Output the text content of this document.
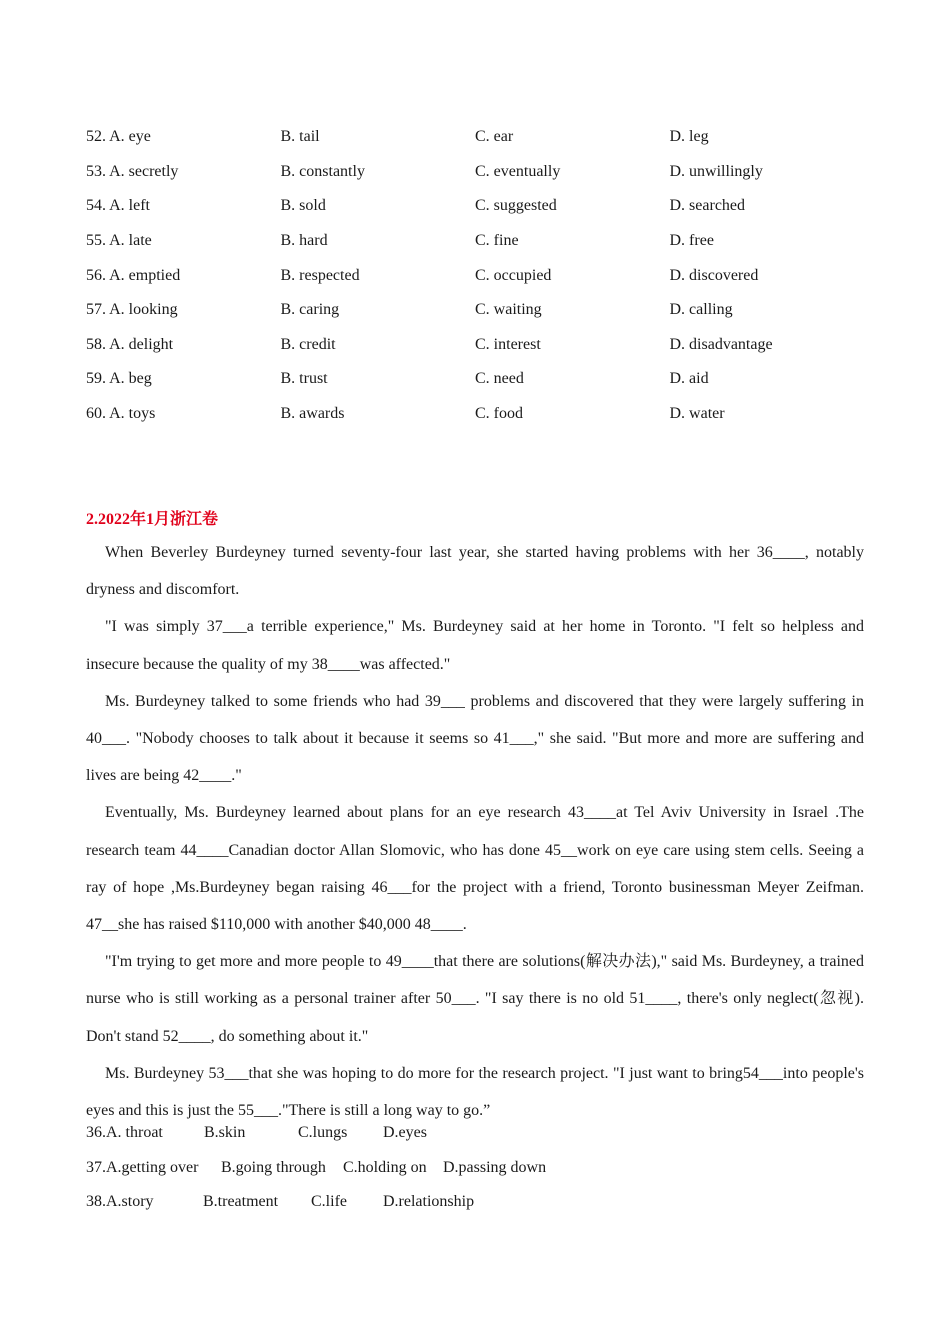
52. A. eye	B. tail	C. ear	D. leg
53. A. secretly	B. constantly	C. eventually	D. unwillingly
54. A. left	B. sold	C. suggested	D. searched
55. A. late	B. hard	C. fine	D. free
56. A. emptied	B. respected	C. occupied	D. discovered
57. A. looking	B. caring	C. waiting	D. calling
58. A. delight	B. credit	C. interest	D. disadvantage
59. A. beg	B. trust	C. need	D. aid
60. A. toys	B. awards	C. food	D. water
2.2022年1月浙江卷

When Beverley Burdeyney turned seventy-four last year, she started having problems with her 36____, notably dryness and discomfort.

"I was simply 37___a terrible experience," Ms. Burdeyney said at her home in Toronto. "I felt so helpless and insecure because the quality of my 38____was affected."

Ms. Burdeyney talked to some friends who had 39___ problems and discovered that they were largely suffering in 40___. "Nobody chooses to talk about it because it seems so 41___," she said. "But more and more are suffering and lives are being 42____."

Eventually, Ms. Burdeyney learned about plans for an eye research 43____at Tel Aviv University in Israel .The research team 44____Canadian doctor Allan Slomovic, who has done 45__work on eye care using stem cells. Seeing a ray of hope ,Ms.Burdeyney began raising 46___for the project with a friend, Toronto businessman Meyer Zeifman. 47__she has raised $110,000 with another $40,000 48____.

"I'm trying to get more and more people to 49____that there are solutions(解决办法)," said Ms. Burdeyney, a trained nurse who is still working as a personal trainer after 50___. "I say there is no old 51____, there's only neglect(忽视). Don't stand 52____, do something about it."

Ms. Burdeyney 53___that she was hoping to do more for the research project. "I just want to bring54___into people's eyes and this is just the 55___."There is still a long way to go.”

36.A. throat	B.skin	C.lungs	D.eyes
37.A.getting over	B.going through	C.holding on	D.passing down
38.A.story	B.treatment	C.life	D.relationship
